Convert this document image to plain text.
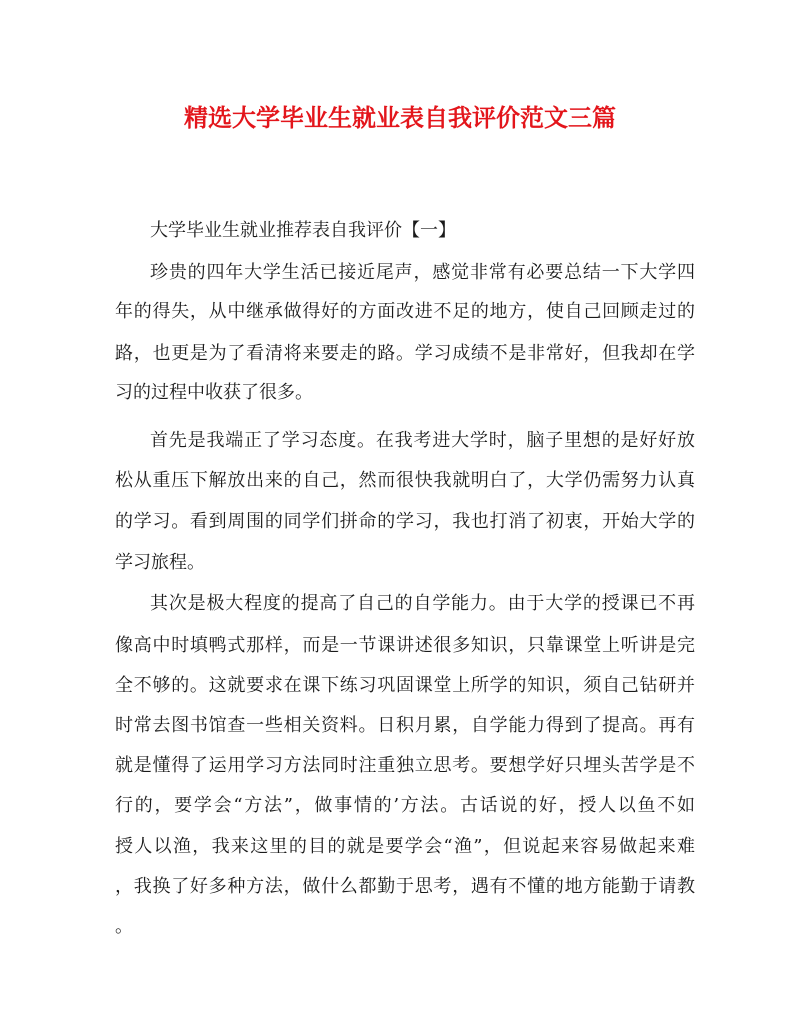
精选大学毕业生就业表自我评价范文三篇
大学毕业生就业推荐表自我评价【一】
珍贵的四年大学生活已接近尾声，感觉非常有必要总结一下大学四
年的得失，从中继承做得好的方面改进不足的地方，使自己回顾走过的
路，也更是为了看清将来要走的路。学习成绩不是非常好，但我却在学
习的过程中收获了很多。
首先是我端正了学习态度。在我考进大学时，脑子里想的是好好放
松从重压下解放出来的自己，然而很快我就明白了，大学仍需努力认真
的学习。看到周围的同学们拼命的学习，我也打消了初衷，开始大学的
学习旅程。
其次是极大程度的提高了自己的自学能力。由于大学的授课已不再
像高中时填鸭式那样，而是一节课讲述很多知识，只靠课堂上听讲是完
全不够的。这就要求在课下练习巩固课堂上所学的知识，须自己钻研并
时常去图书馆查一些相关资料。日积月累，自学能力得到了提高。再有
就是懂得了运用学习方法同时注重独立思考。要想学好只埋头苦学是不
行的，要学会“方法”，做事情的’方法。古话说的好，授人以鱼不如
授人以渔，我来这里的目的就是要学会“渔”，但说起来容易做起来难
，我换了好多种方法，做什么都勤于思考，遇有不懂的地方能勤于请教
。
